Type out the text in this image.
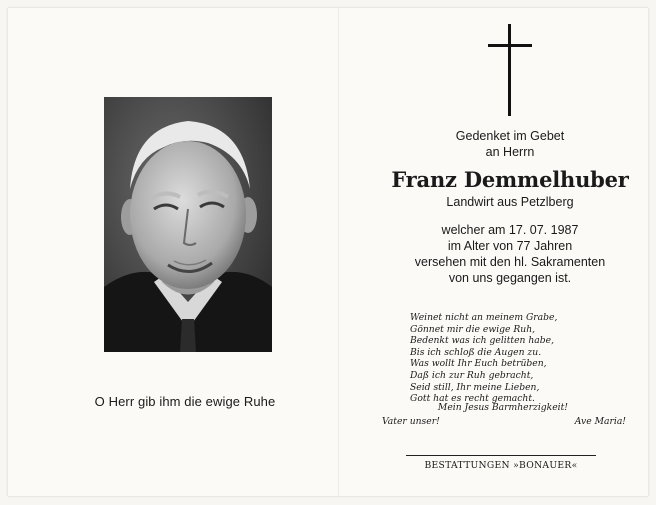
O Herr gib ihm die ewige Ruhe
Gedenket im Gebet
an Herrn
Franz Demmelhuber
Landwirt aus Petzlberg
welcher am 17. 07. 1987
im Alter von 77 Jahren
versehen mit den hl. Sakramenten
von uns gegangen ist.
Weinet nicht an meinem Grabe,
Gönnet mir die ewige Ruh,
Bedenkt was ich gelitten habe,
Bis ich schloß die Augen zu.
Was wollt Ihr Euch betrüben,
Daß ich zur Ruh gebracht,
Seid still, Ihr meine Lieben,
Gott hat es recht gemacht.
Mein Jesus Barmherzigkeit!
Vater unser!	Ave Maria!
BESTATTUNGEN »BONAUER«
